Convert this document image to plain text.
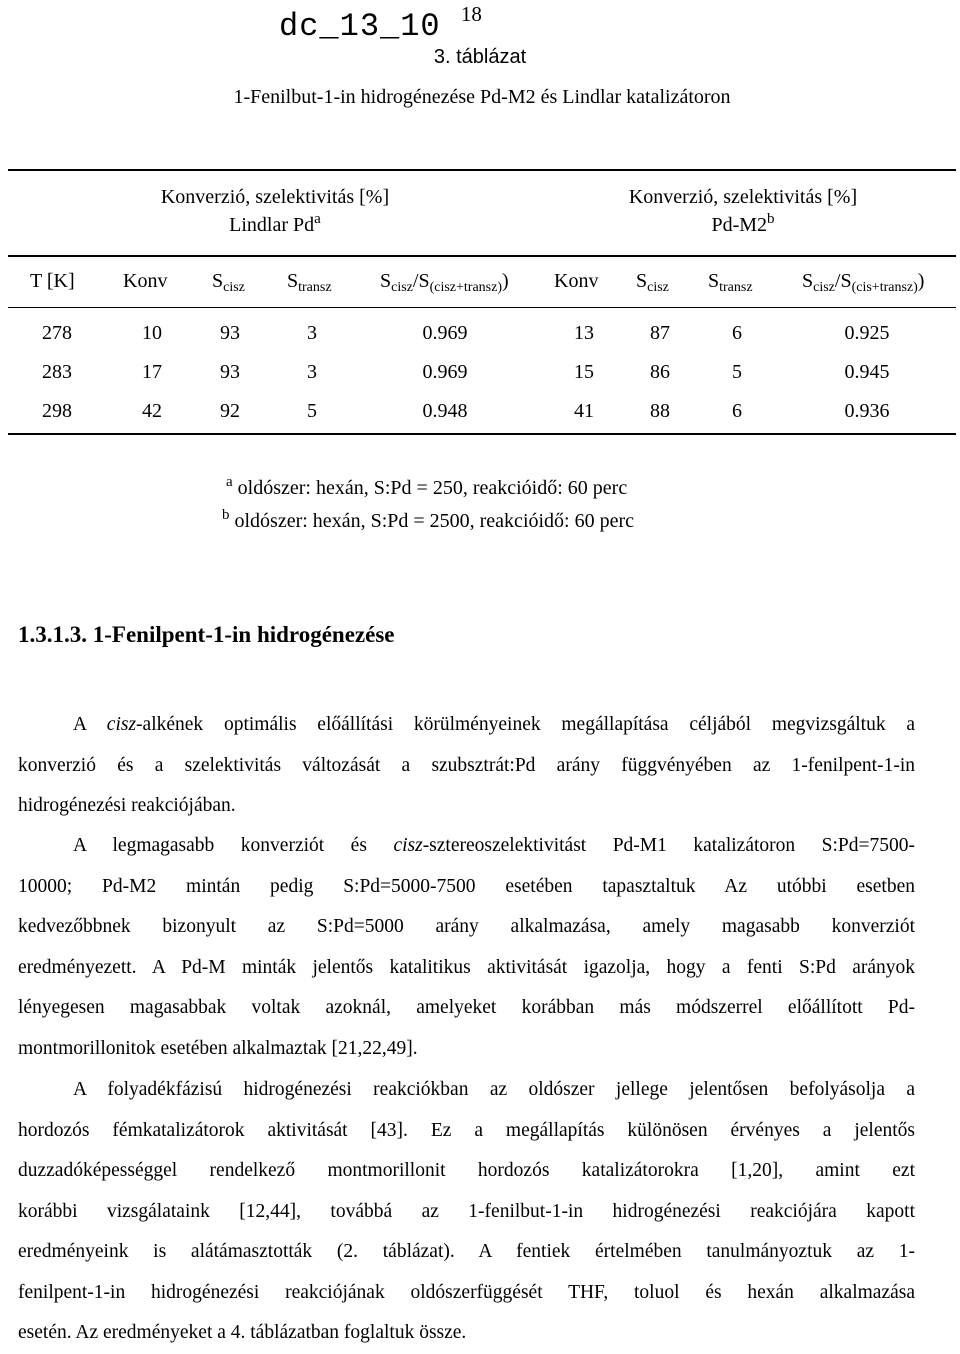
dc_13_10 $^{18}$
3. táblázat
1-Fenilbut-1-in hidrogénezése Pd-M2 és Lindlar katalizátoron
Konverzió, szelektivitás [%]
Lindlar Pd$^a$
Konverzió, szelektivitás [%]
Pd-M2$^b$
T [K] Konv $S_{cisz}$ $S_{transz}$ $S_{cisz}/S_{(cisz+transz)}$) Konv $S_{cisz}$ $S_{transz}$ $S_{cisz}/S_{(cis+transz)}$)
278	10	93	3	0.969	13	87	6	0.925
283	17	93	3	0.969	15	86	5	0.945
298	42	92	5	0.948	41	88	6	0.936
$^a$ oldószer: hexán, S:Pd = 250, reakcióidő: 60 perc
$^b$ oldószer: hexán, S:Pd = 2500, reakcióidő: 60 perc
1.3.1.3. 1-Fenilpent-1-in hidrogénezése
A cisz-alkének optimális előállítási körülményeinek megállapítása céljából megvizsgáltuk a
konverzió és a szelektivitás változását a szubsztrát:Pd arány függvényében az 1-fenilpent-1-in
hidrogénezési reakciójában.
A legmagasabb konverziót és cisz-sztereoszelektivitást Pd-M1 katalizátoron S:Pd=7500-
10000; Pd-M2 mintán pedig S:Pd=5000-7500 esetében tapasztaltuk Az utóbbi esetben
kedvezőbbnek bizonyult az S:Pd=5000 arány alkalmazása, amely magasabb konverziót
eredményezett. A Pd-M minták jelentős katalitikus aktivitását igazolja, hogy a fenti S:Pd arányok
lényegesen magasabbak voltak azoknál, amelyeket korábban más módszerrel előállított Pd-
montmorillonitok esetében alkalmaztak [21,22,49].
A folyadékfázisú hidrogénezési reakciókban az oldószer jellege jelentősen befolyásolja a
hordozós fémkatalizátorok aktivitását [43]. Ez a megállapítás különösen érvényes a jelentős
duzzadóképességgel rendelkező montmorillonit hordozós katalizátorokra [1,20], amint ezt
korábbi vizsgálataink [12,44], továbbá az 1-fenilbut-1-in hidrogénezési reakciójára kapott
eredményeink is alátámasztották (2. táblázat). A fentiek értelmében tanulmányoztuk az 1-
fenilpent-1-in hidrogénezési reakciójának oldószerfüggését THF, toluol és hexán alkalmazása
esetén. Az eredményeket a 4. táblázatban foglaltuk össze.
